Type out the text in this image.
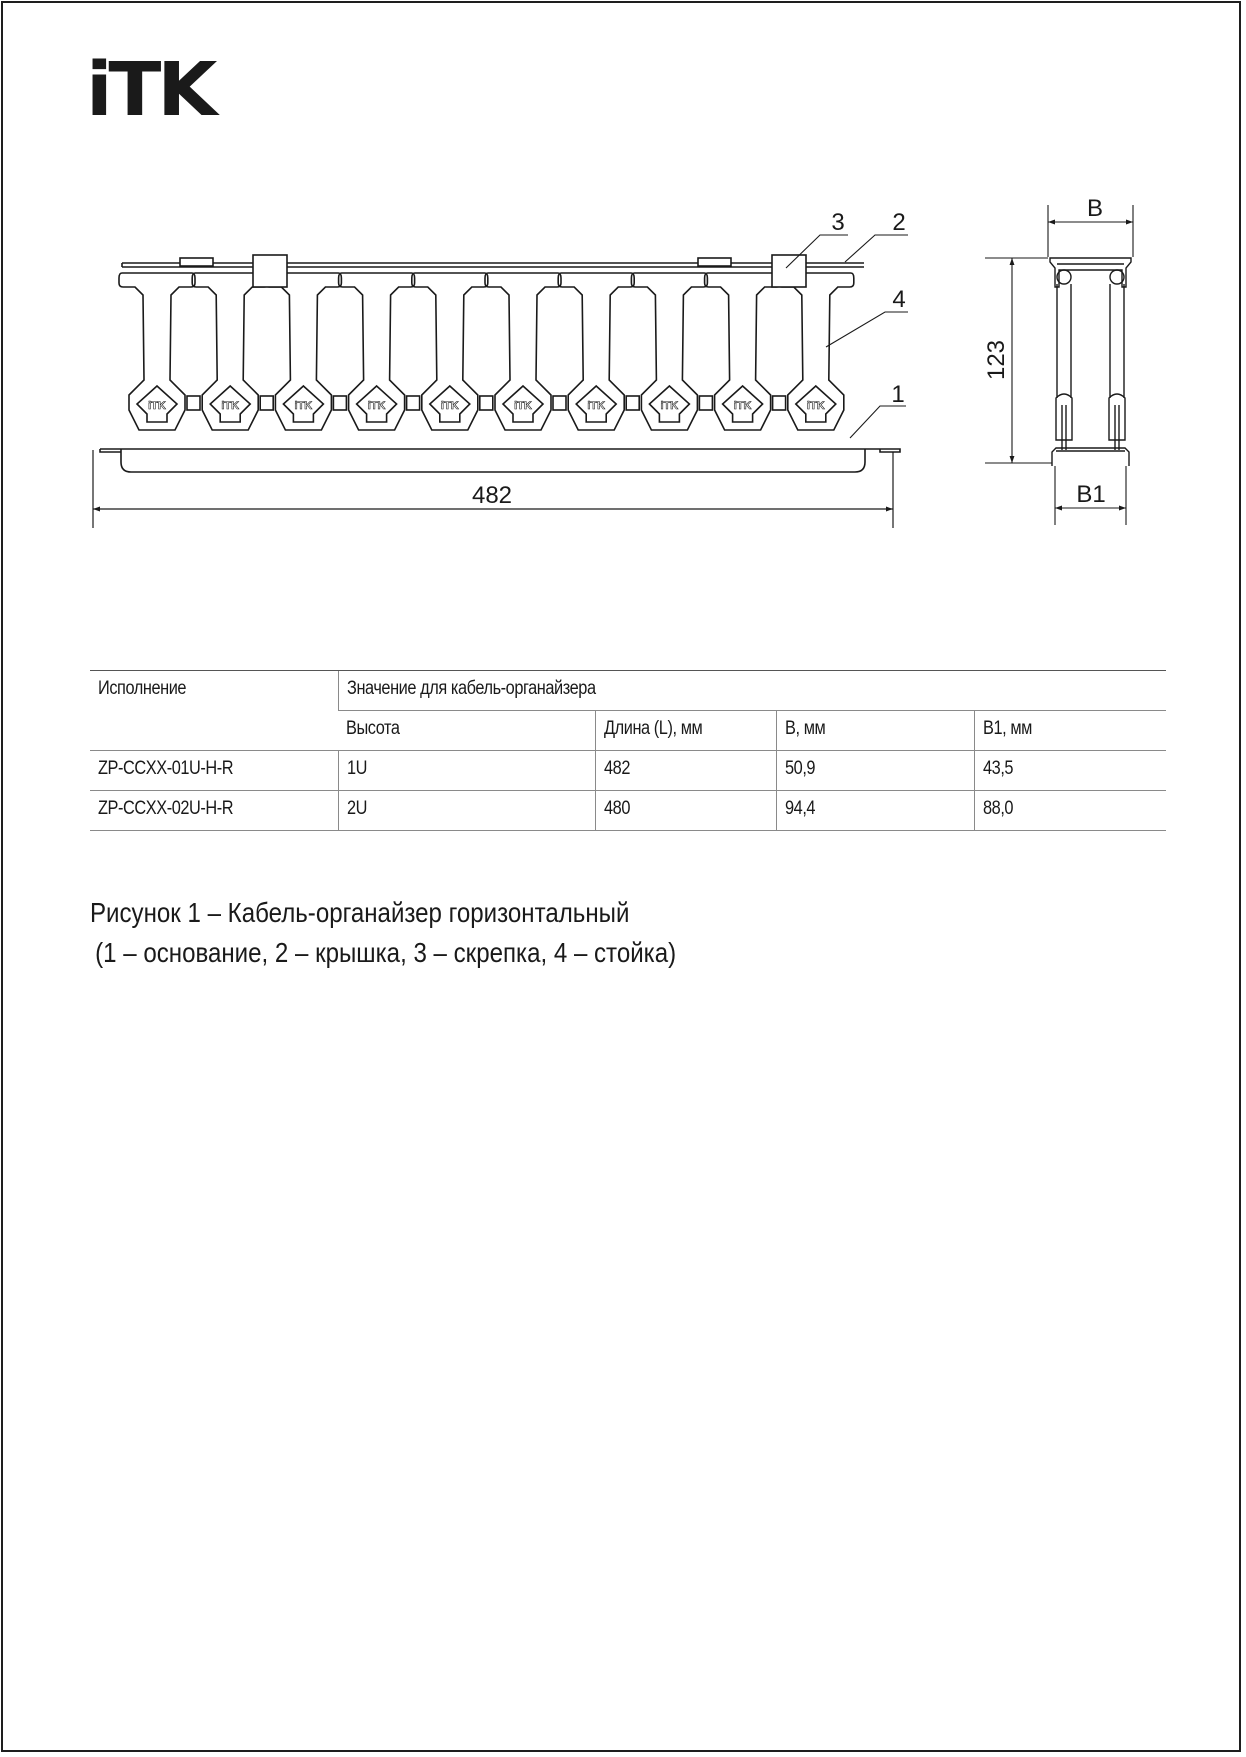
iTK
iTK	iTK	iTK	iTK	iTK	iTK	iTK	iTK	iTK	iTK
482
3 2
4
1
B
123
B1
Исполнение	Значение для кабель-органайзера			
	Высота	Длина (L), мм	B, мм	B1, мм
ZP-CCXX-01U-H-R	1U	482	50,9	43,5
ZP-CCXX-02U-H-R	2U	480	94,4	88,0
Рисунок 1 – Кабель-органайзер горизонтальный
(1 – основание, 2 – крышка, 3 – скрепка, 4 – стойка)
